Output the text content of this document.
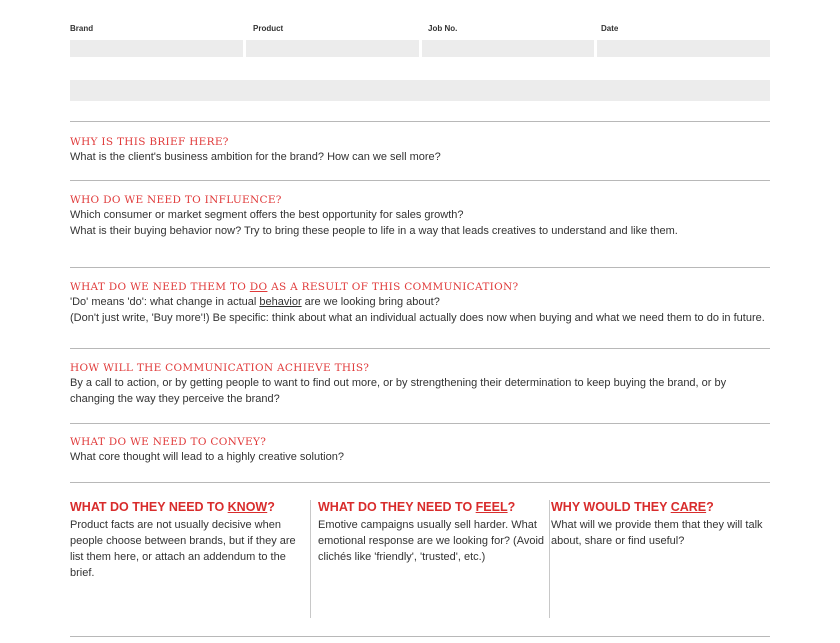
Brand	Product	Job No.	Date
WHY IS THIS BRIEF HERE?
What is the client's business ambition for the brand? How can we sell more?
WHO DO WE NEED TO INFLUENCE?
Which consumer or market segment offers the best opportunity for sales growth?
What is their buying behavior now? Try to bring these people to life in a way that leads creatives to understand and like them.
WHAT DO WE NEED THEM TO DO AS A RESULT OF THIS COMMUNICATION?
'Do' means 'do': what change in actual behavior are we looking bring about?
(Don't just write, 'Buy more'!) Be specific: think about what an individual actually does now when buying and what we need them to do in future.
HOW WILL THE COMMUNICATION ACHIEVE THIS?
By a call to action, or by getting people to want to find out more, or by strengthening their determination to keep buying the brand, or by changing the way they perceive the brand?
WHAT DO WE NEED TO CONVEY?
What core thought will lead to a highly creative solution?
WHAT DO THEY NEED TO KNOW?
Product facts are not usually decisive when people choose between brands, but if they are list them here, or attach an addendum to the brief.
WHAT DO THEY NEED TO FEEL?
Emotive campaigns usually sell harder. What emotional response are we looking for? (Avoid clichés like 'friendly', 'trusted', etc.)
WHY WOULD THEY CARE?
What will we provide them that they will talk about, share or find useful?
